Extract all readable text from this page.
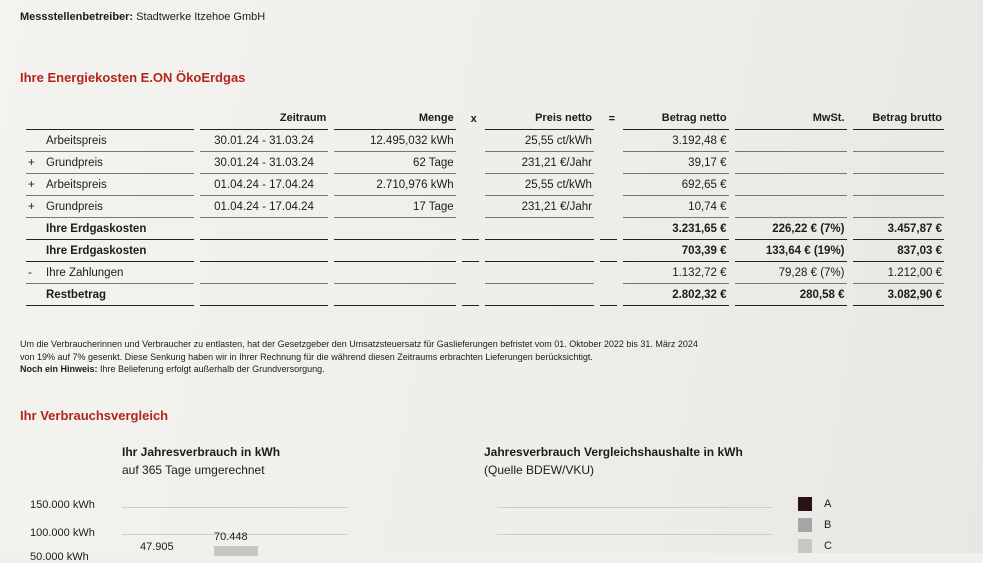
Messstellenbetreiber: Stadtwerke Itzehoe GmbH
Ihre Energiekosten E.ON ÖkoErdgas
	Zeitraum	Menge	x	Preis netto	=	Betrag netto	MwSt.	Betrag brutto
Arbeitspreis	30.01.24 - 31.03.24	12.495,032 kWh		25,55 ct/kWh		3.192,48 €		
+ Grundpreis	30.01.24 - 31.03.24	62 Tage		231,21 €/Jahr		39,17 €		
+ Arbeitspreis	01.04.24 - 17.04.24	2.710,976 kWh		25,55 ct/kWh		692,65 €		
+ Grundpreis	01.04.24 - 17.04.24	17 Tage		231,21 €/Jahr		10,74 €		
Ihre Erdgaskosten						3.231,65 €	226,22 € (7%)	3.457,87 €
Ihre Erdgaskosten						703,39 €	133,64 € (19%)	837,03 €
- Ihre Zahlungen						1.132,72 €	79,28 € (7%)	1.212,00 €
Restbetrag						2.802,32 €	280,58 €	3.082,90 €
Um die Verbraucherinnen und Verbraucher zu entlasten, hat der Gesetzgeber den Umsatzsteuersatz für Gaslieferungen befristet vom 01. Oktober 2022 bis 31. März 2024
von 19% auf 7% gesenkt. Diese Senkung haben wir in Ihrer Rechnung für die während diesen Zeitraums erbrachten Lieferungen berücksichtigt.
Noch ein Hinweis: Ihre Belieferung erfolgt außerhalb der Grundversorgung.
Ihr Verbrauchsvergleich
Ihr Jahresverbrauch in kWh
auf 365 Tage umgerechnet
Jahresverbrauch Vergleichshaushalte in kWh
(Quelle BDEW/VKU)
150.000 kWh
100.000 kWh
50.000 kWh
47.905
70.448
A
B
C
